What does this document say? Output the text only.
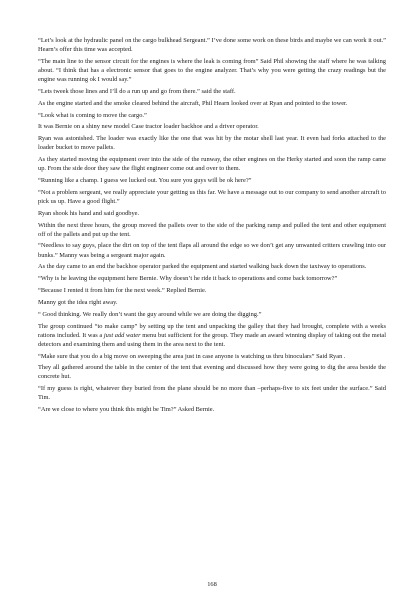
“Let’s look at the hydraulic panel on the cargo bulkhead Sergeant.” I’ve done some work on these birds and maybe we can work it out.” Hearn’s offer this time was accepted.

“The main line to the sensor circuit for the engines is where the leak is coming from” Said Phil showing the staff where he was talking about. “I think that has a electronic sensor that goes to the engine analyzer. That’s why you were getting the crazy readings but the engine was running ok I would say.”

“Lets tweek those lines and I’ll do a run up and go from there.” said the staff.

As the engine started and the smoke cleared behind the aircraft, Phil Hearn looked over at Ryan and pointed to the tower.

“Look what is coming to move the cargo.”

It was Bernie on a shiny new model Case tractor loader backhoe and a driver operator.

Ryan was astonished. The loader was exactly like the one that was hit by the motar shell last year. It even had forks attached to the loader bucket to move pallets.

As they started moving the equipment over into the side of the runway, the other engines on the Herky started and soon the ramp came up. From the side door they saw the flight engineer come out and over to them.

“Running like a champ. I guess we lucked out. You sure you guys will be ok here?”

“Not a problem sergeant, we really appreciate your getting us this far. We have a message out to our company to send another aircraft to pick us up. Have a good flight.”

Ryan shook his hand and said goodbye.

Within the next three hours, the group moved the pallets over to the side of the parking ramp and pulled the tent and other equipment off of the pallets and put up the tent.

“Needless to say guys, place the dirt on top of the tent flaps all around the edge so we don’t get any unwanted critters crawling into our bunks.” Manny was being a sergeant major again.

As the day came to an end the backhoe operator parked the equipment and started walking back down the taxiway to operations.

“Why is he leaving the equipment here Bernie. Why doesn’t he ride it back to operations and come back tomorrow?”

“Because I rented it from him for the next week.” Replied Bernie.

Manny got the idea right away.

“ Good thinking. We really don’t want the guy around while we are doing the digging.”

The group continued “to make camp” by setting up the tent and unpacking the galley that they had brought, complete with a weeks rations included. It was a just add water menu but sufficient for the group. They made an award winning display of taking out the metal detectors and examining them and using them in the area next to the tent.

“Make sure that you do a big move on sweeping the area just in case anyone is watching us thru binoculars” Said Ryan .

They all gathered around the table in the center of the tent that evening and discussed how they were going to dig the area beside the concrete hut.

“If my guess is right, whatever they buried from the plane should be no more than –perhaps-five to six feet under the surface.” Said Tim.

“Are we close to where you think this might be Tim?” Asked Bernie.

168
